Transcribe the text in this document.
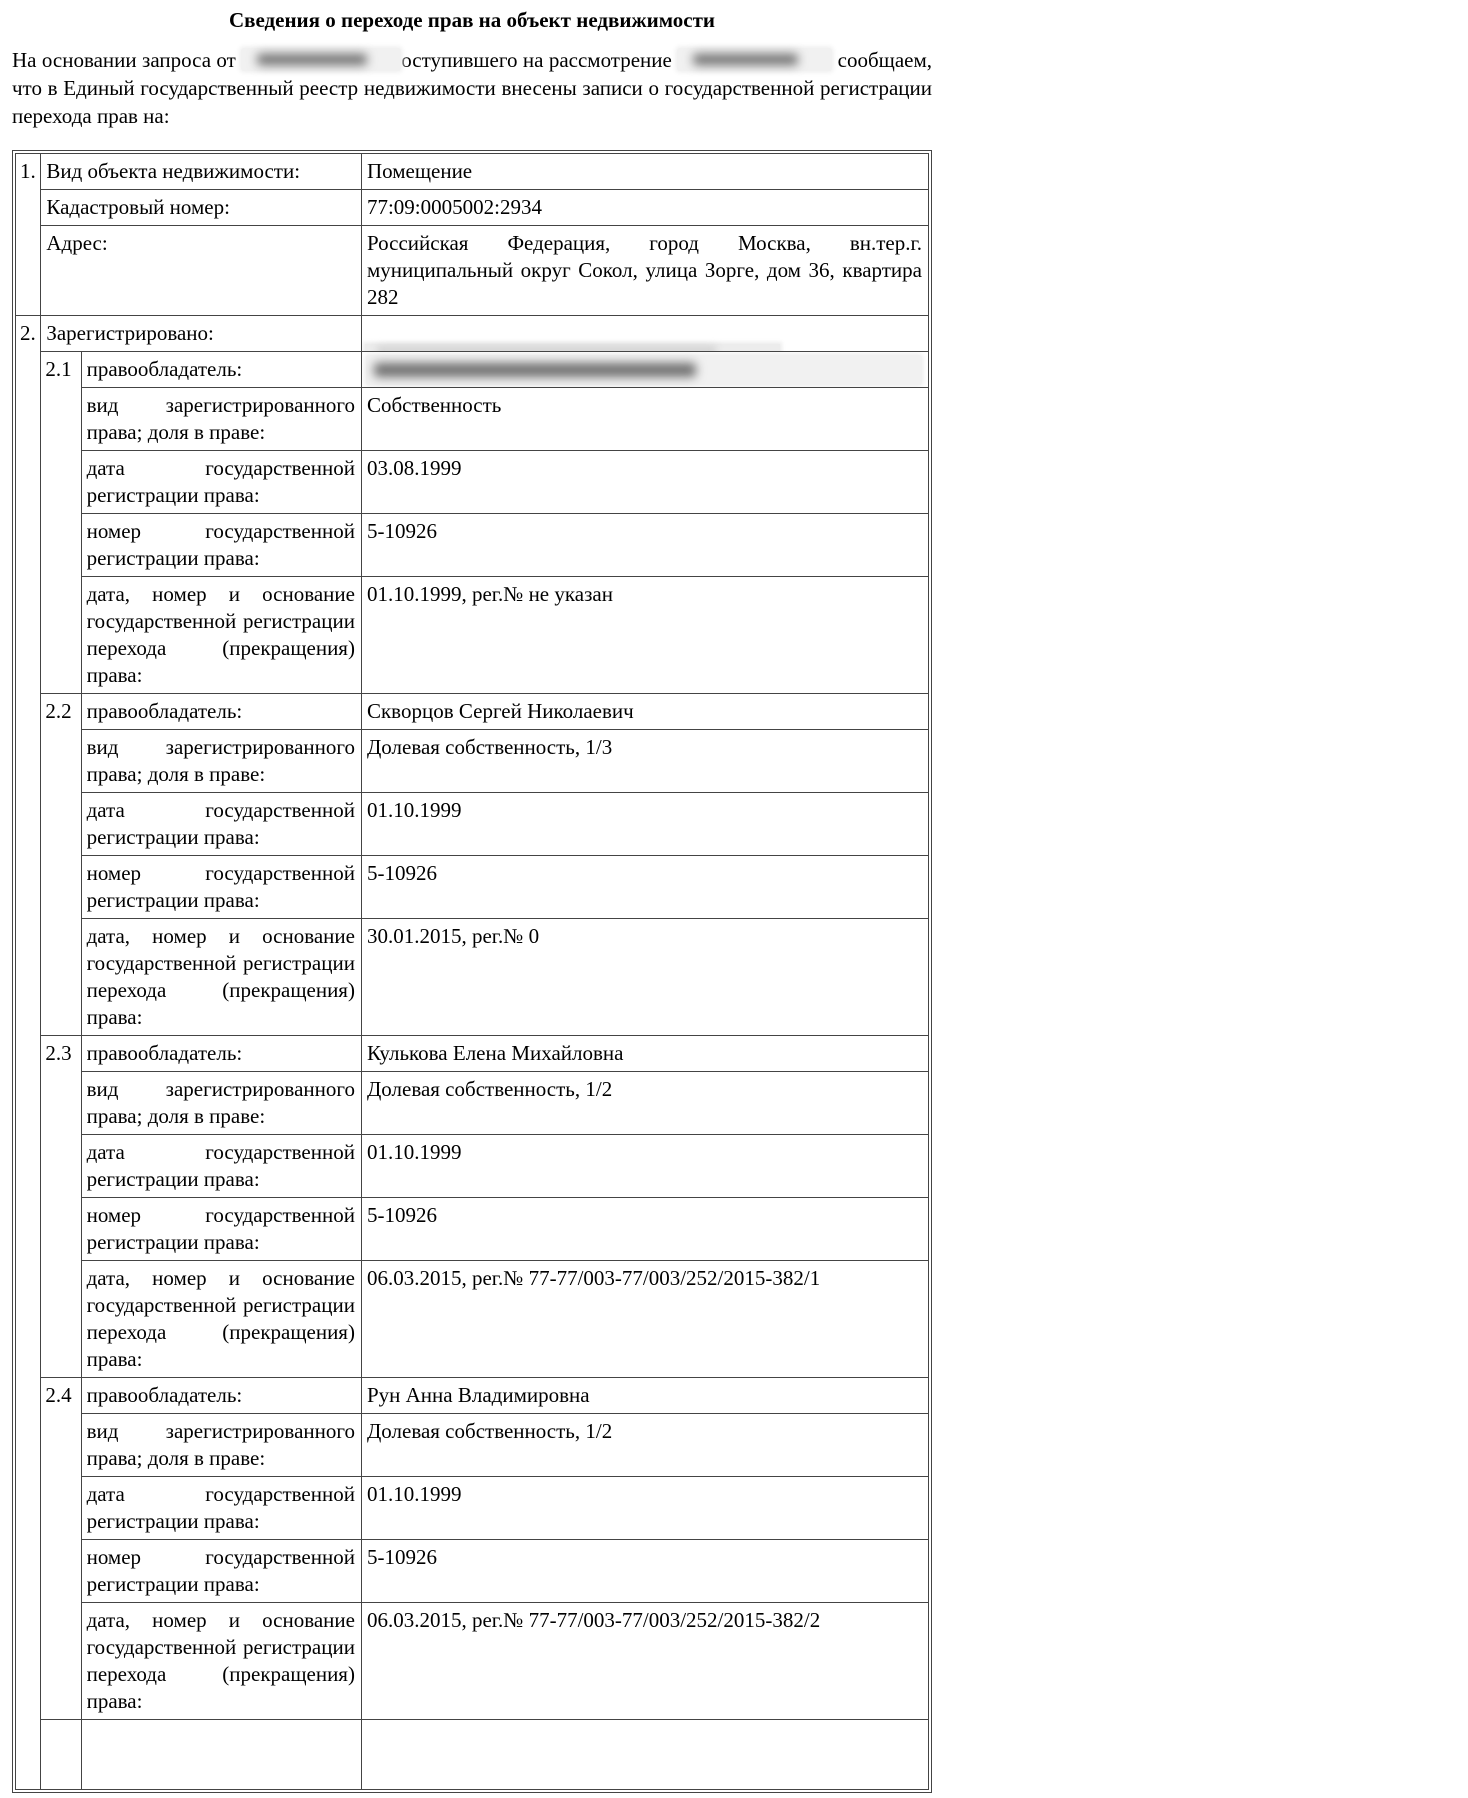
Сведения о переходе прав на объект недвижимости

На основании запроса от	оступившего на рассмотрение	сообщаем, что в Единый государственный реестр недвижимости внесены записи о государственной регистрации перехода прав на:

1.	Вид объекта недвижимости:		Помещение
	Кадастровый номер:		77:09:0005002:2934
	Адрес:		Российская Федерация, город Москва, вн.тер.г. муниципальный округ Сокол, улица Зорге, дом 36, квартира 282
2.	Зарегистрировано:		

	2.1	правообладатель:	

		вид зарегистрированного права; доля в праве:	Собственность
		дата государственной регистрации права:	03.08.1999
		номер государственной регистрации права:	5-10926
		дата, номер и основание государственной регистрации перехода (прекращения) права:	01.10.1999, рег.№ не указан
	2.2	правообладатель:	Скворцов Сергей Николаевич
		вид зарегистрированного права; доля в праве:	Долевая собственность, 1/3
		дата государственной регистрации права:	01.10.1999
		номер государственной регистрации права:	5-10926
		дата, номер и основание государственной регистрации перехода (прекращения) права:	30.01.2015, рег.№ 0
	2.3	правообладатель:	Кулькова Елена Михайловна
		вид зарегистрированного права; доля в праве:	Долевая собственность, 1/2
		дата государственной регистрации права:	01.10.1999
		номер государственной регистрации права:	5-10926
		дата, номер и основание государственной регистрации перехода (прекращения) права:	06.03.2015, рег.№ 77-77/003-77/003/252/2015-382/1
	2.4	правообладатель:	Рун Анна Владимировна
		вид зарегистрированного права; доля в праве:	Долевая собственность, 1/2
		дата государственной регистрации права:	01.10.1999
		номер государственной регистрации права:	5-10926
		дата, номер и основание государственной регистрации перехода (прекращения) права:	06.03.2015, рег.№ 77-77/003-77/003/252/2015-382/2
